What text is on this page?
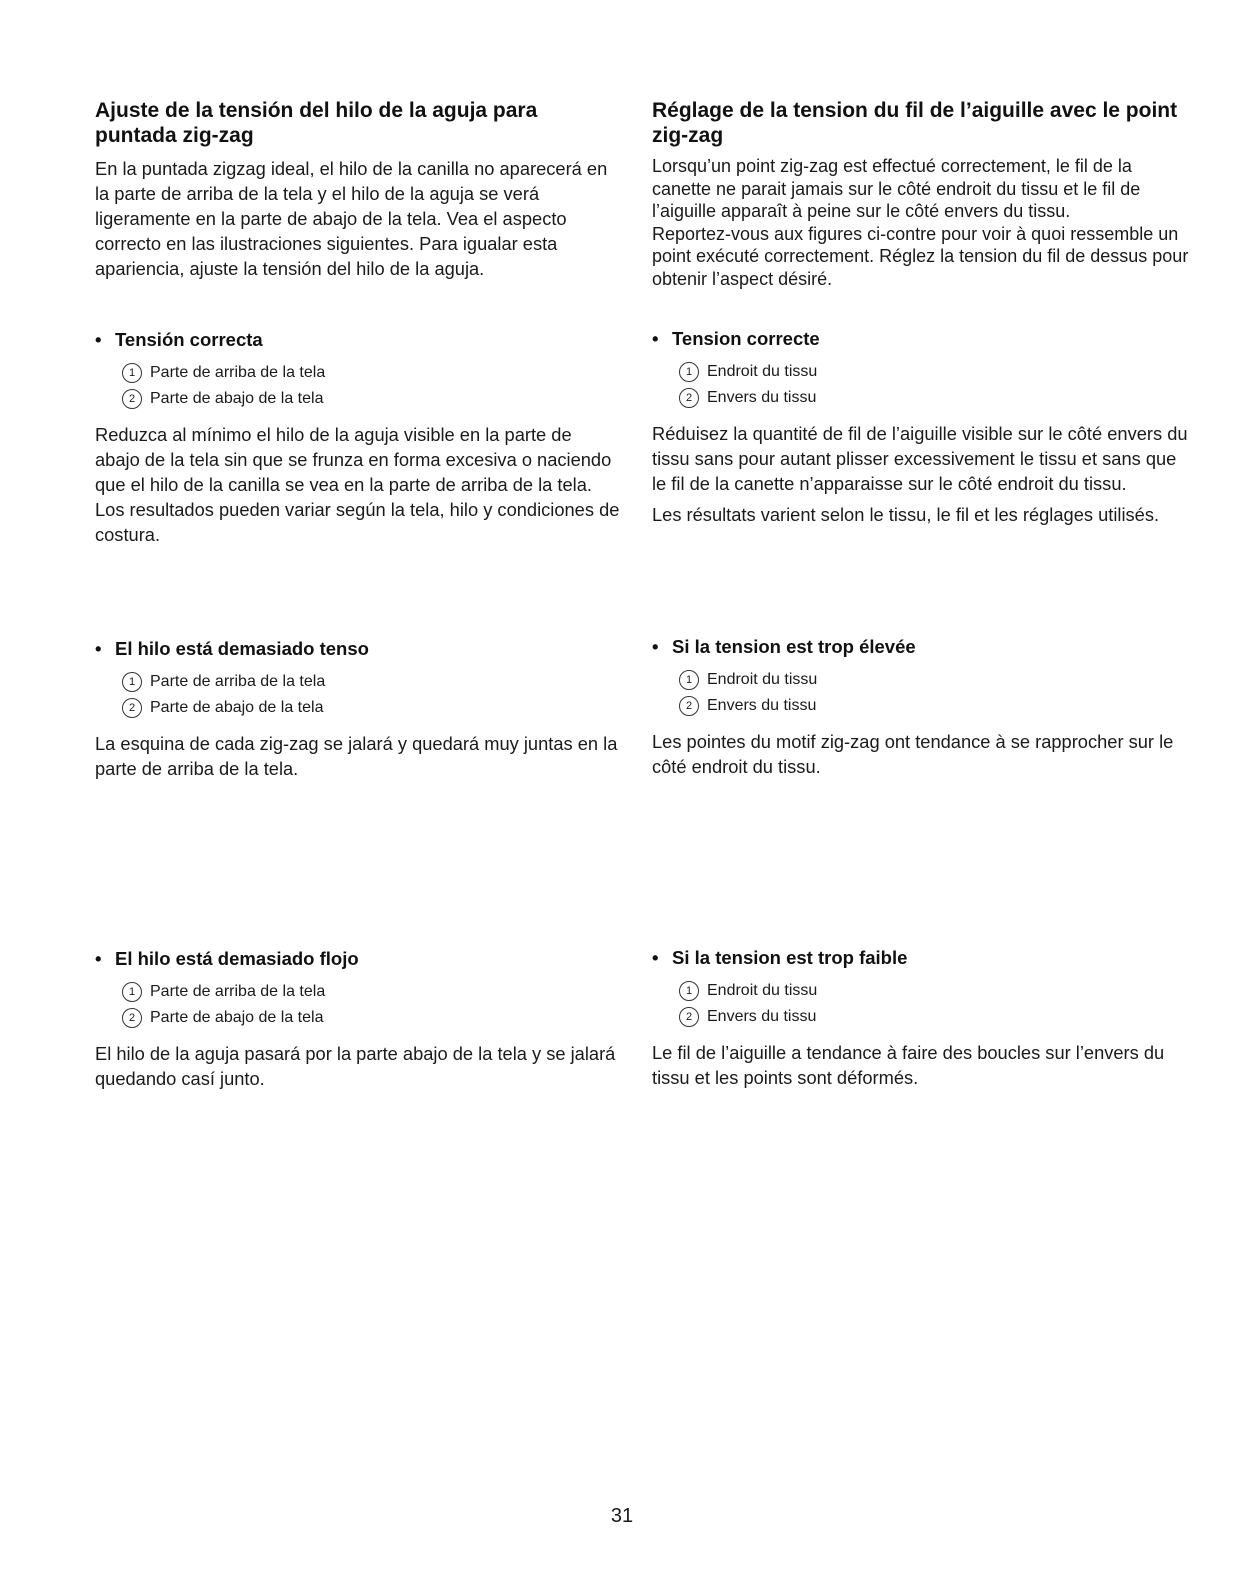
Ajuste de la tensión del hilo de la aguja para puntada zig-zag

En la puntada zigzag ideal, el hilo de la canilla no aparecerá en la parte de arriba de la tela y el hilo de la aguja se verá ligeramente en la parte de abajo de la tela. Vea el aspecto correcto en las ilustraciones siguientes. Para igualar esta apariencia, ajuste la tensión del hilo de la aguja.

• Tensión correcta

1 Parte de arriba de la tela
2 Parte de abajo de la tela

Reduzca al mínimo el hilo de la aguja visible en la parte de abajo de la tela sin que se frunza en forma excesiva o naciendo que el hilo de la canilla se vea en la parte de arriba de la tela. Los resultados pueden variar según la tela, hilo y condiciones de costura.

• El hilo está demasiado tenso

1 Parte de arriba de la tela
2 Parte de abajo de la tela

La esquina de cada zig-zag se jalará y quedará muy juntas en la parte de arriba de la tela.

• El hilo está demasiado flojo

1 Parte de arriba de la tela
2 Parte de abajo de la tela

El hilo de la aguja pasará por la parte abajo de la tela y se jalará quedando casí junto.

Réglage de la tension du fil de l’aiguille avec le point zig-zag

Lorsqu’un point zig-zag est effectué correctement, le fil de la canette ne parait jamais sur le côté endroit du tissu et le fil de l’aiguille apparaît à peine sur le côté envers du tissu.

Reportez-vous aux figures ci-contre pour voir à quoi ressemble un point exécuté correctement. Réglez la tension du fil de dessus pour obtenir l’aspect désiré.

• Tension correcte

1 Endroit du tissu
2 Envers du tissu

Réduisez la quantité de fil de l’aiguille visible sur le côté envers du tissu sans pour autant plisser excessivement le tissu et sans que le fil de la canette n’apparaisse sur le côté endroit du tissu.

Les résultats varient selon le tissu, le fil et les réglages utilisés.

• Si la tension est trop élevée

1 Endroit du tissu
2 Envers du tissu

Les pointes du motif zig-zag ont tendance à se rapprocher sur le côté endroit du tissu.

• Si la tension est trop faible

1 Endroit du tissu
2 Envers du tissu

Le fil de l’aiguille a tendance à faire des boucles sur l’envers du tissu et les points sont déformés.

31
